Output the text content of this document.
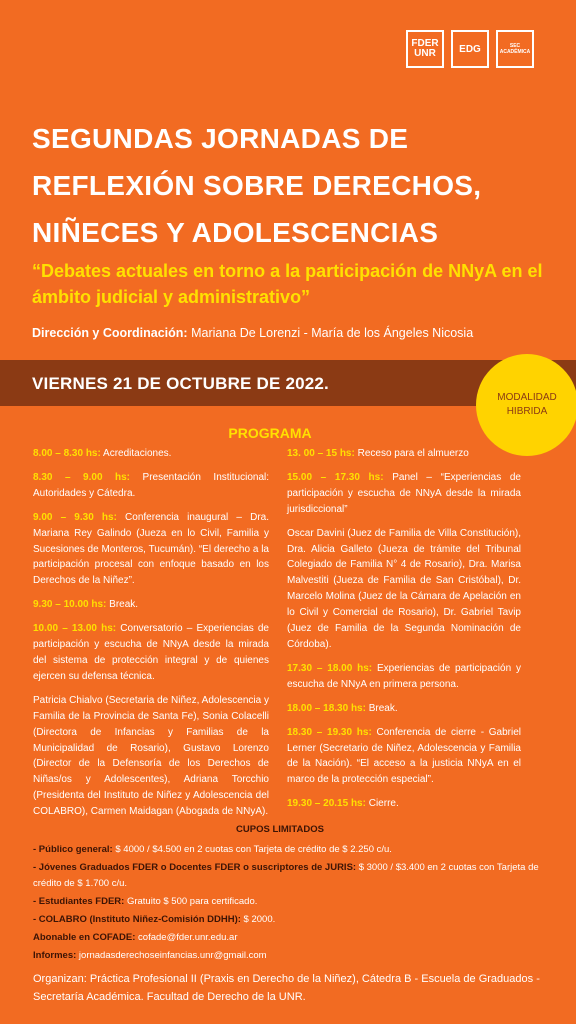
FDER
UNR EDG	SEC
ACADÉMICA
SEGUNDAS JORNADAS DE REFLEXIÓN SOBRE DERECHOS, NIÑECES Y ADOLESCENCIAS
“Debates actuales en torno a la participación de NNyA en el ámbito judicial y administrativo”
Dirección y Coordinación: Mariana De Lorenzi - María de los Ángeles Nicosia
VIERNES 21 DE OCTUBRE DE 2022.
MODALIDAD
HIBRIDA
PROGRAMA

8.00 – 8.30 hs: Acreditaciones.

8.30 – 9.00 hs: Presentación Institucional: Autoridades y Cátedra.

9.00 – 9.30 hs: Conferencia inaugural – Dra. Mariana Rey Galindo (Jueza en lo Civil, Familia y Sucesiones de Monteros, Tucumán). “El derecho a la participación procesal con enfoque basado en los Derechos de la Niñez”.

9.30 – 10.00 hs: Break.

10.00 – 13.00 hs: Conversatorio – Experiencias de participación y escucha de NNyA desde la mirada del sistema de protección integral y de quienes ejercen su defensa técnica.

Patricia Chialvo (Secretaria de Niñez, Adolescencia y Familia de la Provincia de Santa Fe), Sonia Colacelli (Directora de Infancias y Familias de la Municipalidad de Rosario), Gustavo Lorenzo (Director de la Defensoría de los Derechos de Niñas/os y Adolescentes), Adriana Torcchio (Presidenta del Instituto de Niñez y Adolescencia del COLABRO), Carmen Maidagan (Abogada de NNyA).

13. 00 – 15 hs: Receso para el almuerzo

15.00 – 17.30 hs: Panel – “Experiencias de participación y escucha de NNyA desde la mirada jurisdiccional”

Oscar Davini (Juez de Familia de Villa Constitución), Dra. Alicia Galleto (Jueza de trámite del Tribunal Colegiado de Familia N° 4 de Rosario), Dra. Marisa Malvestiti (Jueza de Familia de San Cristóbal), Dr. Marcelo Molina (Juez de la Cámara de Apelación en lo Civil y Comercial de Rosario), Dr. Gabriel Tavip (Juez de Familia de la Segunda Nominación de Córdoba).

17.30 – 18.00 hs: Experiencias de participación y escucha de NNyA en primera persona.

18.00 – 18.30 hs: Break.

18.30 – 19.30 hs: Conferencia de cierre - Gabriel Lerner (Secretario de Niñez, Adolescencia y Familia de la Nación). “El acceso a la justicia NNyA en el marco de la protección especial”.

19.30 – 20.15 hs: Cierre.

CUPOS LIMITADOS

- Público general: $ 4000 / $4.500 en 2 cuotas con Tarjeta de crédito de $ 2.250 c/u.

- Jóvenes Graduados FDER o Docentes FDER o suscriptores de JURIS: $ 3000 / $3.400 en 2 cuotas con Tarjeta de crédito de $ 1.700 c/u.

- Estudiantes FDER: Gratuito $ 500 para certificado.

- COLABRO (Instituto Niñez-Comisión DDHH): $ 2000.

Abonable en COFADE: cofade@fder.unr.edu.ar

Informes: jornadasderechoseinfancias.unr@gmail.com

Organizan: Práctica Profesional II (Praxis en Derecho de la Niñez), Cátedra B - Escuela de Graduados - Secretaría Académica. Facultad de Derecho de la UNR.
